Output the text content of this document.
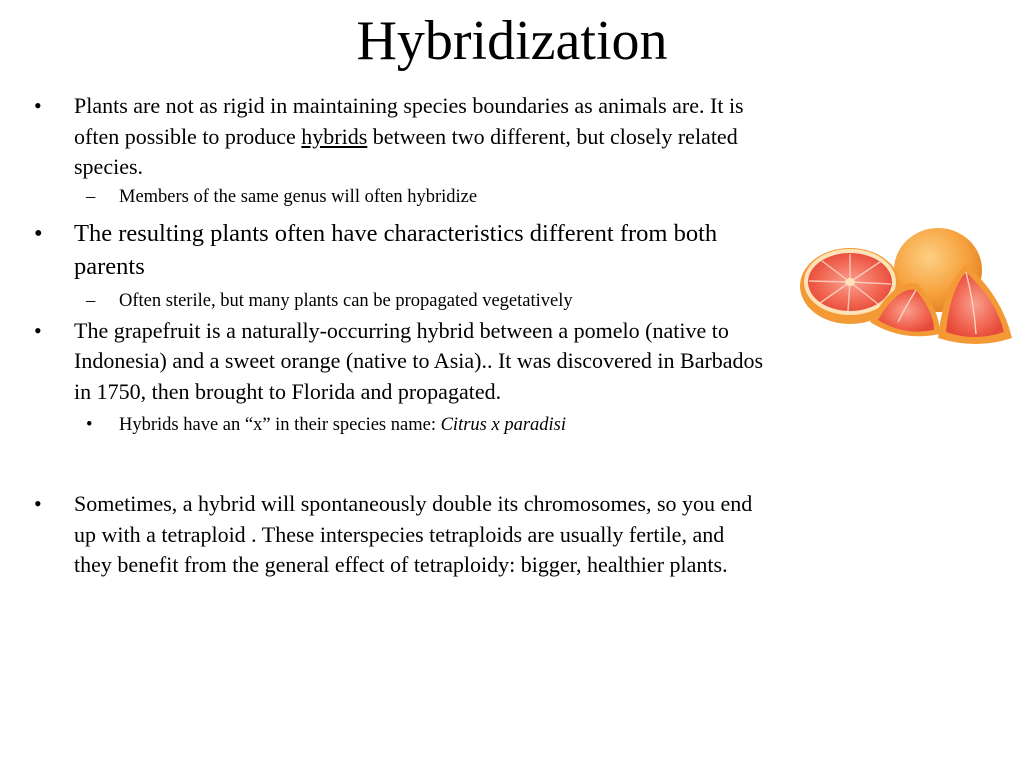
Hybridization
• Plants are not as rigid in maintaining species boundaries as animals are. It is often possible to produce hybrids between two different, but closely related species.
– Members of the same genus will often hybridize
• The resulting plants often have characteristics different from both parents
– Often sterile, but many plants can be propagated vegetatively
• The grapefruit is a naturally-occurring hybrid between a pomelo (native to Indonesia) and a sweet orange (native to Asia).. It was discovered in Barbados in 1750, then brought to Florida and propagated.
• Hybrids have an “x” in their species name: Citrus x paradisi
• Sometimes, a hybrid will spontaneously double its chromosomes, so you end up with a tetraploid . These interspecies tetraploids are usually fertile, and they benefit from the general effect of tetraploidy: bigger, healthier plants.
